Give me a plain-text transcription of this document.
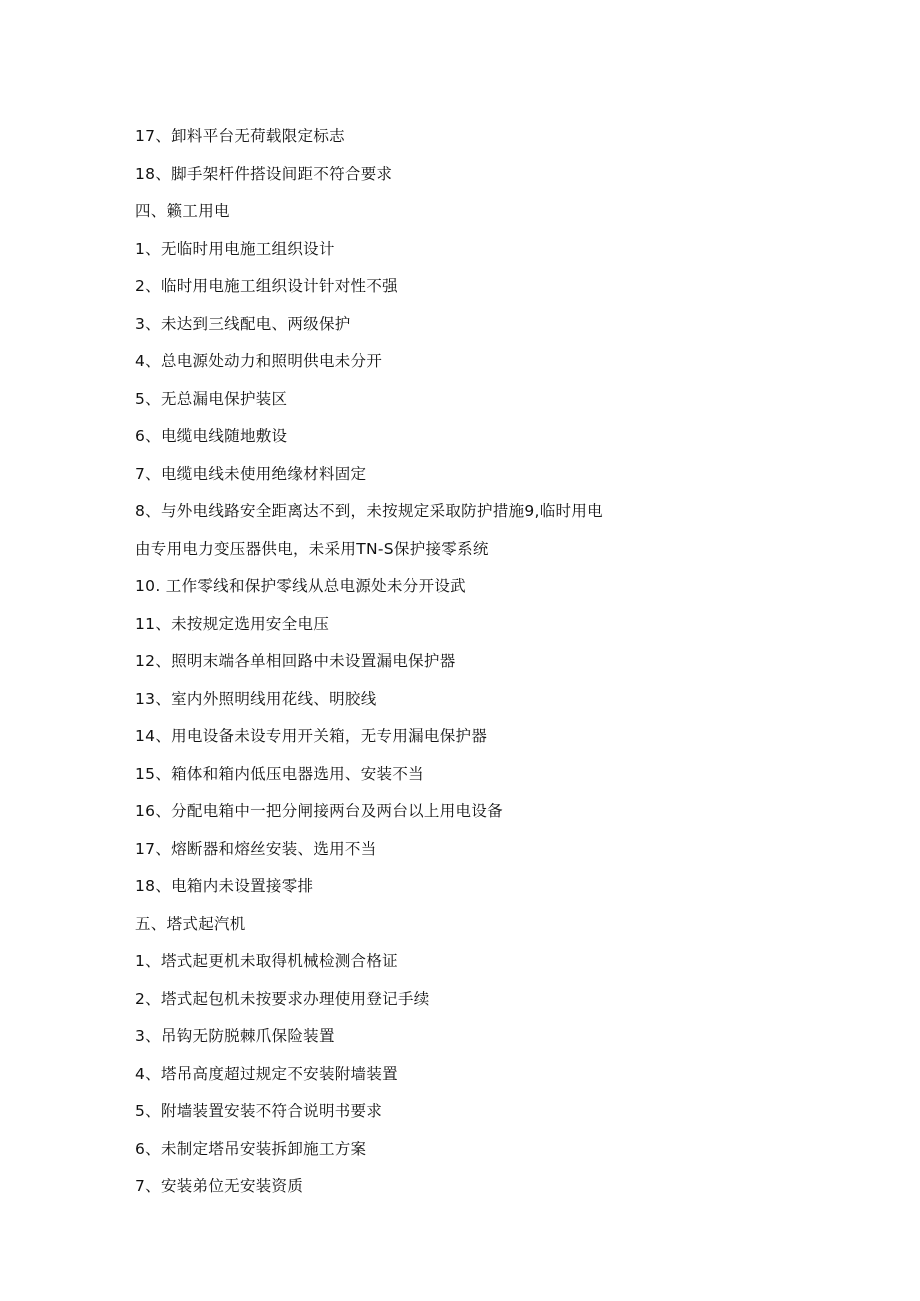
17、卸料平台无荷载限定标志
18、脚手架杆件搭设间距不符合要求
四、籁工用电
1、无临时用电施工组织设计
2、临时用电施工组织设计针对性不强
3、未达到三线配电、两级保护
4、总电源处动力和照明供电未分开
5、无总漏电保护装区
6、电缆电线随地敷设
7、电缆电线未使用绝缘材料固定
8、与外电线路安全距离达不到，未按规定采取防护措施9,临时用电
由专用电力变压器供电，未采用TN-S保护接零系统
10. 工作零线和保护零线从总电源处未分开设武
11、未按规定选用安全电压
12、照明末端各单相回路中未设置漏电保护器
13、室内外照明线用花线、明胶线
14、用电设备未设专用开关箱，无专用漏电保护器
15、箱体和箱内低压电器选用、安装不当
16、分配电箱中一把分闸接两台及两台以上用电设备
17、熔断器和熔丝安装、选用不当
18、电箱内未设置接零排
五、塔式起汽机
1、塔式起更机未取得机械检测合格证
2、塔式起包机未按要求办理使用登记手续
3、吊钩无防脱棘爪保险装置
4、塔吊高度超过规定不安装附墙装置
5、附墙装置安装不符合说明书要求
6、未制定塔吊安装拆卸施工方案
7、安装弟位无安装资质
